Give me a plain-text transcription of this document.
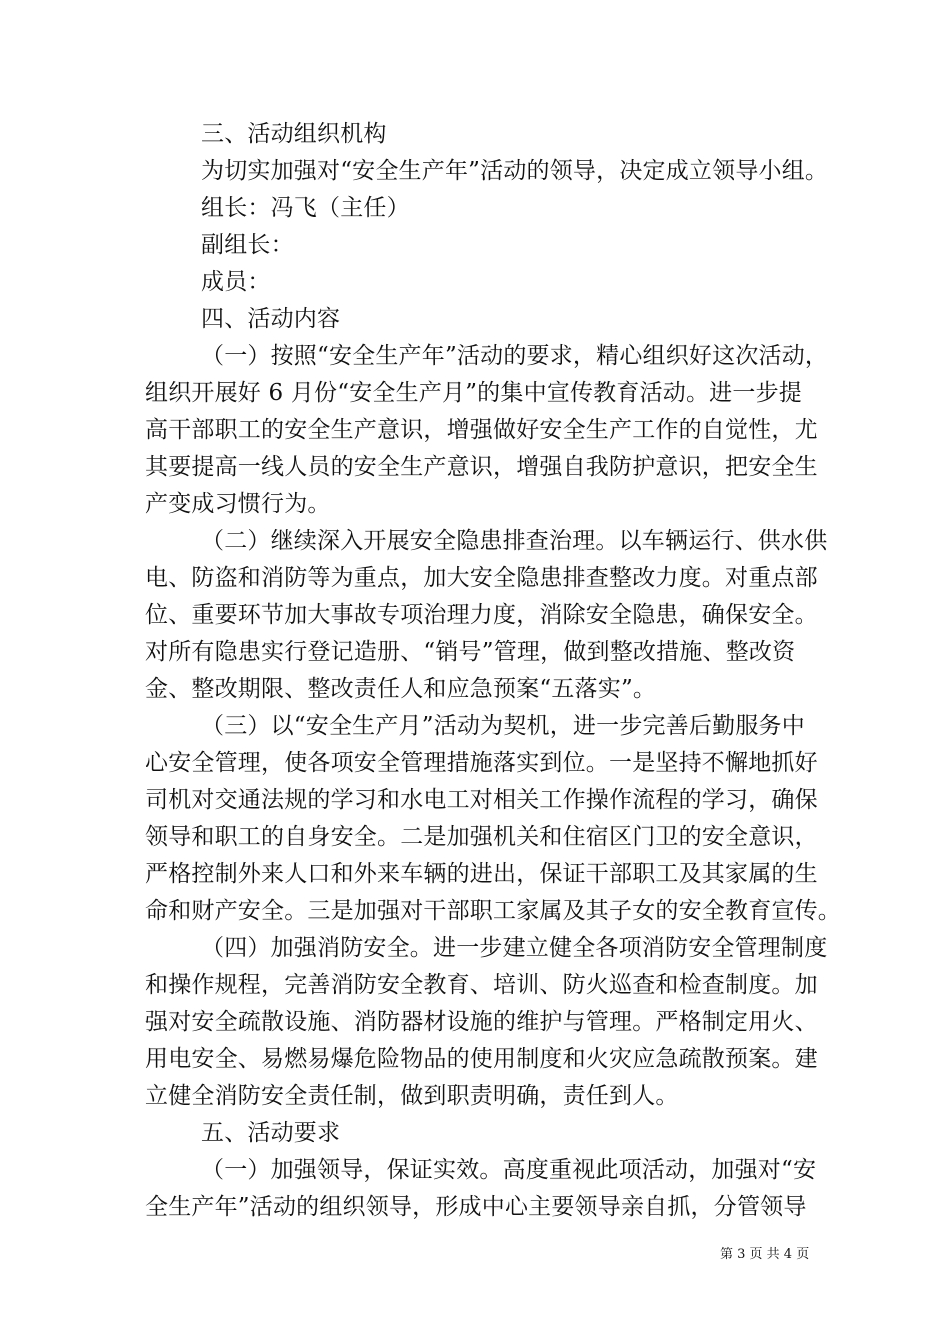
三、活动组织机构
为切实加强对“安全生产年”活动的领导，决定成立领导小组。
组长：冯飞（主任）
副组长：
成员：
四、活动内容
（一）按照“安全生产年”活动的要求，精心组织好这次活动，
组织开展好 6 月份“安全生产月”的集中宣传教育活动。进一步提
高干部职工的安全生产意识，增强做好安全生产工作的自觉性，尤
其要提高一线人员的安全生产意识，增强自我防护意识，把安全生
产变成习惯行为。
（二）继续深入开展安全隐患排查治理。以车辆运行、供水供
电、防盗和消防等为重点，加大安全隐患排查整改力度。对重点部
位、重要环节加大事故专项治理力度，消除安全隐患，确保安全。
对所有隐患实行登记造册、“销号”管理，做到整改措施、整改资
金、整改期限、整改责任人和应急预案“五落实”。
（三）以“安全生产月”活动为契机，进一步完善后勤服务中
心安全管理，使各项安全管理措施落实到位。一是坚持不懈地抓好
司机对交通法规的学习和水电工对相关工作操作流程的学习，确保
领导和职工的自身安全。二是加强机关和住宿区门卫的安全意识，
严格控制外来人口和外来车辆的进出，保证干部职工及其家属的生
命和财产安全。三是加强对干部职工家属及其子女的安全教育宣传。
（四）加强消防安全。进一步建立健全各项消防安全管理制度
和操作规程，完善消防安全教育、培训、防火巡查和检查制度。加
强对安全疏散设施、消防器材设施的维护与管理。严格制定用火、
用电安全、易燃易爆危险物品的使用制度和火灾应急疏散预案。建
立健全消防安全责任制，做到职责明确，责任到人。
五、活动要求
（一）加强领导，保证实效。高度重视此项活动，加强对“安
全生产年”活动的组织领导，形成中心主要领导亲自抓，分管领导
第 3 页 共 4 页
